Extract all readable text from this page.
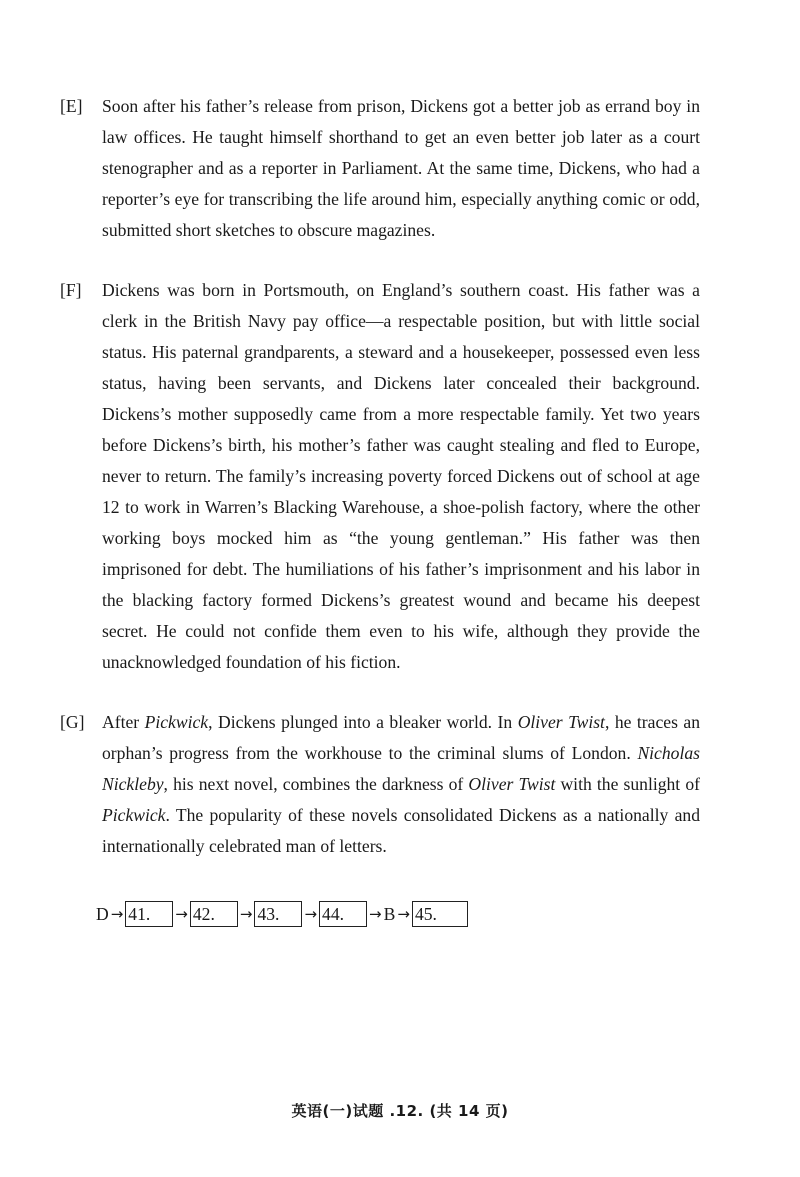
[E] Soon after his father’s release from prison, Dickens got a better job as errand boy in law offices. He taught himself shorthand to get an even better job later as a court stenographer and as a reporter in Parliament. At the same time, Dickens, who had a reporter’s eye for transcribing the life around him, especially anything comic or odd, submitted short sketches to obscure magazines.
[F] Dickens was born in Portsmouth, on England’s southern coast. His father was a clerk in the British Navy pay office—a respectable position, but with little social status. His paternal grandparents, a steward and a housekeeper, possessed even less status, having been servants, and Dickens later concealed their background. Dickens’s mother supposedly came from a more respectable family. Yet two years before Dickens’s birth, his mother’s father was caught stealing and fled to Europe, never to return. The family’s increasing poverty forced Dickens out of school at age 12 to work in Warren’s Blacking Warehouse, a shoe-polish factory, where the other working boys mocked him as “the young gentleman.” His father was then imprisoned for debt. The humiliations of his father’s imprisonment and his labor in the blacking factory formed Dickens’s greatest wound and became his deepest secret. He could not confide them even to his wife, although they provide the unacknowledged foundation of his fiction.
[G] After Pickwick, Dickens plunged into a bleaker world. In Oliver Twist, he traces an orphan’s progress from the workhouse to the criminal slums of London. Nicholas Nickleby, his next novel, combines the darkness of Oliver Twist with the sunlight of Pickwick. The popularity of these novels consolidated Dickens as a nationally and internationally celebrated man of letters.
D → 41.	→ 42.	→ 43.	→ 44.	→ B → 45.
英语(一)试题 .12. (共 14 页)
